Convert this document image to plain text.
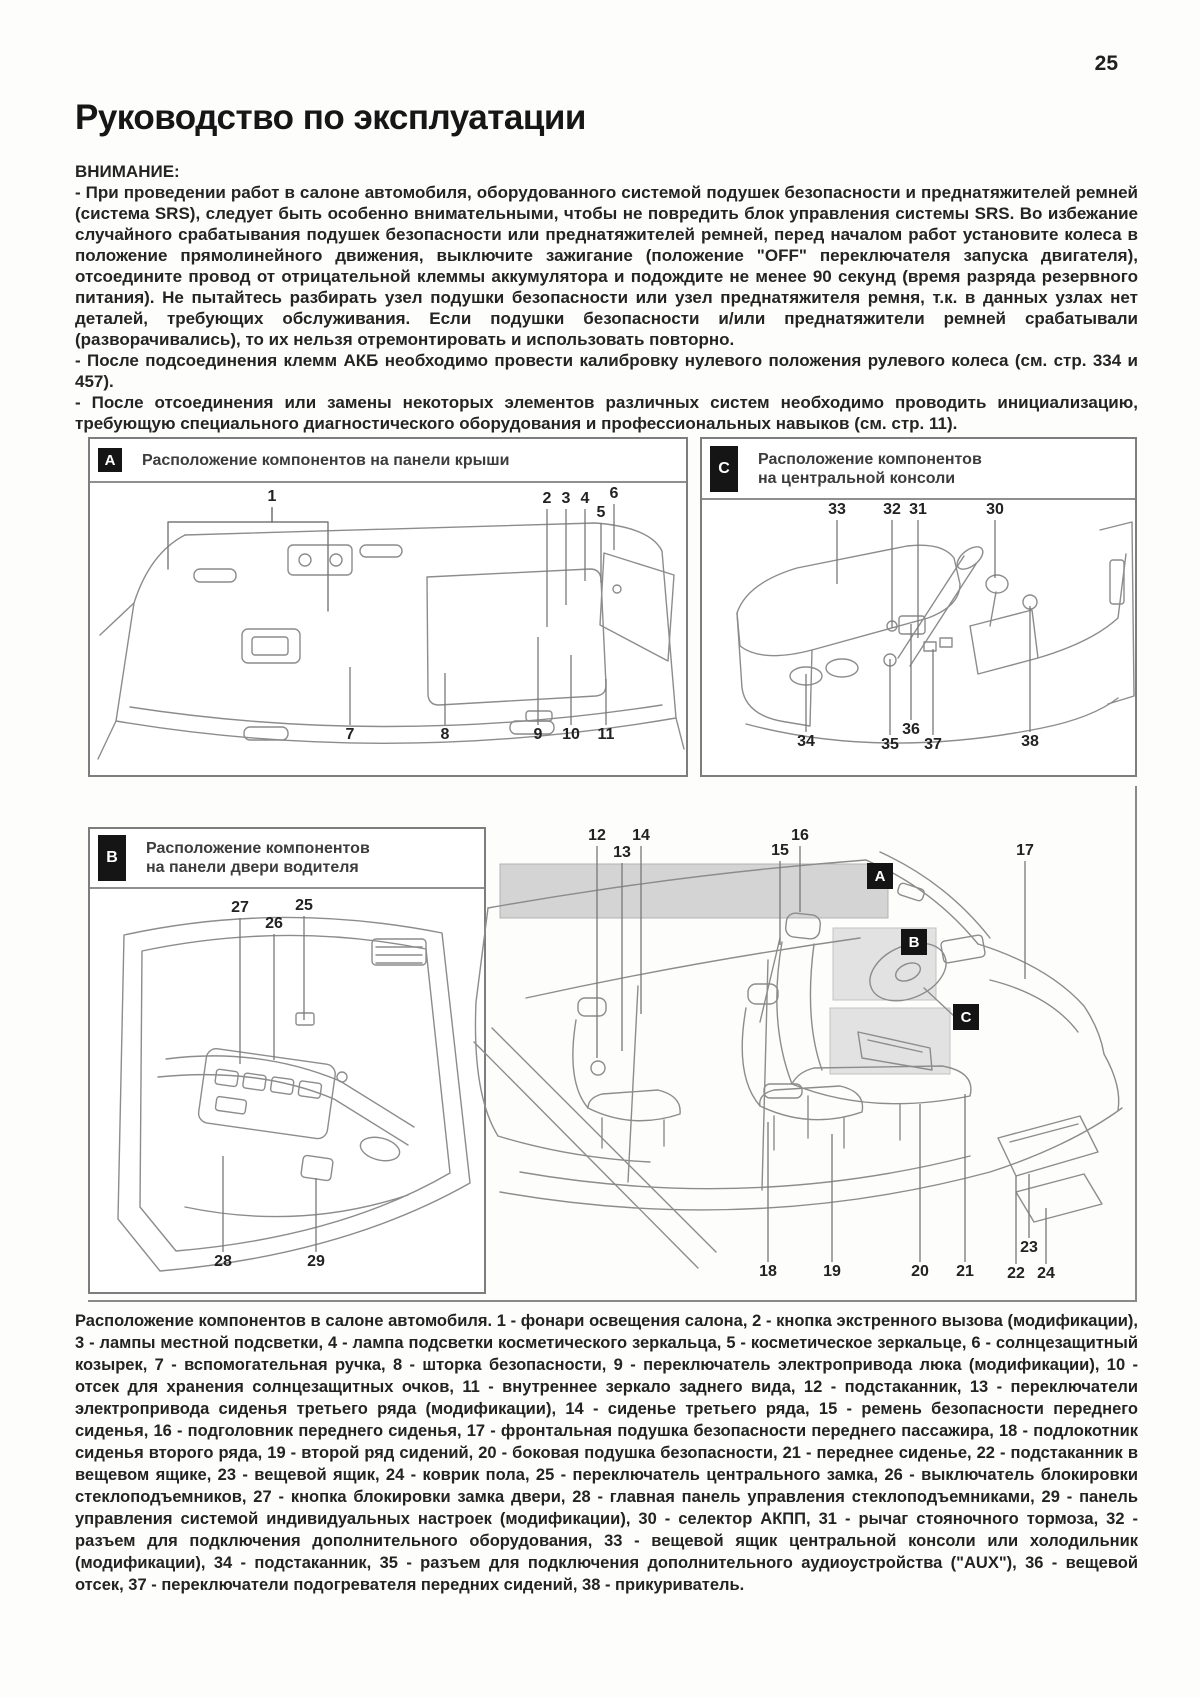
25
Руководство по эксплуатации

ВНИМАНИЕ:

- При проведении работ в салоне автомобиля, оборудованного системой подушек безопасности и преднатяжителей ремней (система SRS), следует быть особенно внимательными, чтобы не повредить блок управления системы SRS. Во избежание случайного срабатывания подушек безопасности или преднатяжителей ремней, перед началом работ установите колеса в положение прямолинейного движения, выключите зажигание (положение "OFF" переключателя запуска двигателя), отсоедините провод от отрицательной клеммы аккумулятора и подождите не менее 90 секунд (время разряда резервного питания). Не пытайтесь разбирать узел подушки безопасности или узел преднатяжителя ремня, т.к. в данных узлах нет деталей, требующих обслуживания. Если подушки безопасности и/или преднатяжители ремней срабатывали (разворачивались), то их нельзя отремонтировать и использовать повторно.

- После подсоединения клемм АКБ необходимо провести калибровку нулевого положения рулевого колеса (см. стр. 334 и 457).

- После отсоединения или замены некоторых элементов различных систем необходимо проводить инициализацию, требующую специального диагностического оборудования и профессиональных навыков (см. стр. 11).

A	Расположение компонентов на панели крыши	C
Расположение компонентов
на центральной консоли
B
Расположение компонентов
на панели двери водителя
1	2 3 4 6
5
7	8	9 10 11
33 32 31	30
34	35
36
37	38
27
26
25
28	29
12
13
14
15
16
17
18	19	20 21 22
23
24
A
B
C
Расположение компонентов в салоне автомобиля. 1 - фонари освещения салона, 2 - кнопка экстренного вызова (модификации), 3 - лампы местной подсветки, 4 - лампа подсветки косметического зеркальца, 5 - косметическое зеркальце, 6 - солнцезащитный козырек, 7 - вспомогательная ручка, 8 - шторка безопасности, 9 - переключатель электропривода люка (модификации), 10 - отсек для хранения солнцезащитных очков, 11 - внутреннее зеркало заднего вида, 12 - подстаканник, 13 - переключатели электропривода сиденья третьего ряда (модификации), 14 - сиденье третьего ряда, 15 - ремень безопасности переднего сиденья, 16 - подголовник переднего сиденья, 17 - фронтальная подушка безопасности переднего пассажира, 18 - подлокотник сиденья второго ряда, 19 - второй ряд сидений, 20 - боковая подушка безопасности, 21 - переднее сиденье, 22 - подстаканник в вещевом ящике, 23 - вещевой ящик, 24 - коврик пола, 25 - переключатель центрального замка, 26 - выключатель блокировки стеклоподъемников, 27 - кнопка блокировки замка двери, 28 - главная панель управления стеклоподъемниками, 29 - панель управления системой индивидуальных настроек (модификации), 30 - селектор АКПП, 31 - рычаг стояночного тормоза, 32 - разъем для подключения дополнительного оборудования, 33 - вещевой ящик центральной консоли или холодильник (модификации), 34 - подстаканник, 35 - разъем для подключения дополнительного аудиоустройства ("AUX"), 36 - вещевой отсек, 37 - переключатели подогревателя передних сидений, 38 - прикуриватель.
